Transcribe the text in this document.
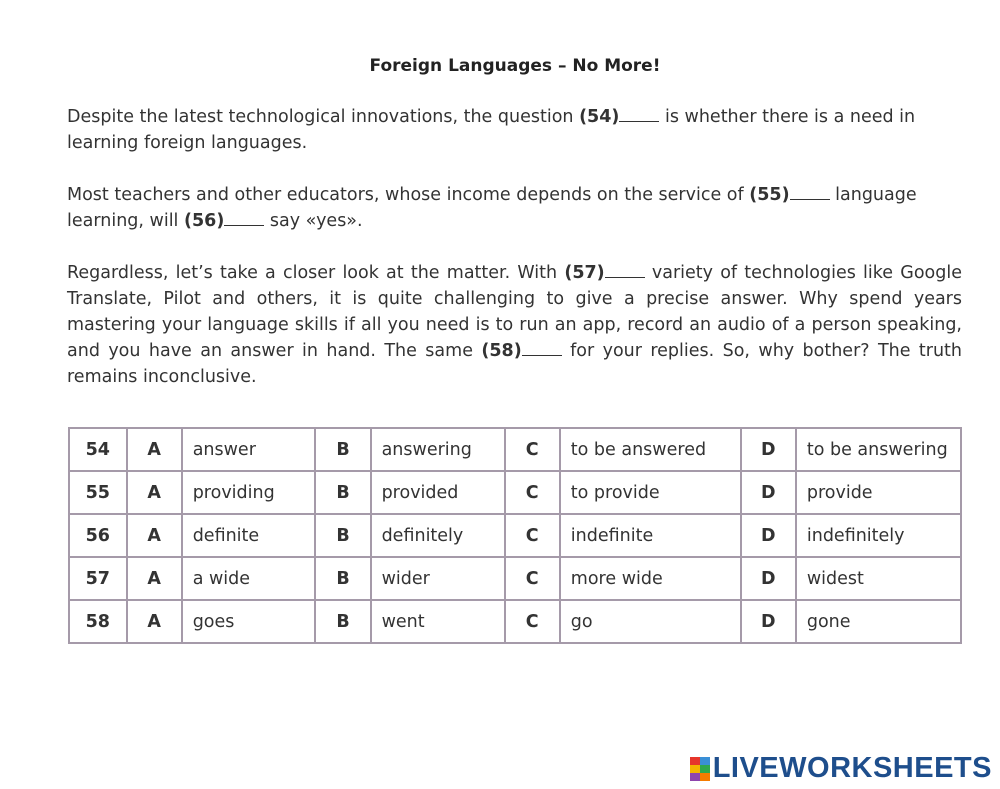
Foreign Languages – No More!
Despite the latest technological innovations, the question (54) is whether there is a need in learning foreign languages.
Most teachers and other educators, whose income depends on the service of (55) language learning, will (56) say «yes».
Regardless, let’s take a closer look at the matter. With (57) variety of technologies like Google Translate, Pilot and others, it is quite challenging to give a precise answer. Why spend years mastering your language skills if all you need is to run an app, record an audio of a person speaking, and you have an answer in hand. The same (58) for your replies. So, why bother? The truth remains inconclusive.
54	A	answer	B	answering	C	to be answered	D	to be answering
55	A	providing	B	provided	C	to provide	D	provide
56	A	definite	B	definitely	C	indefinite	D	indefinitely
57	A	a wide	B	wider	C	more wide	D	widest
58	A	goes	B	went	C	go	D	gone
LIVEWORKSHEETS
